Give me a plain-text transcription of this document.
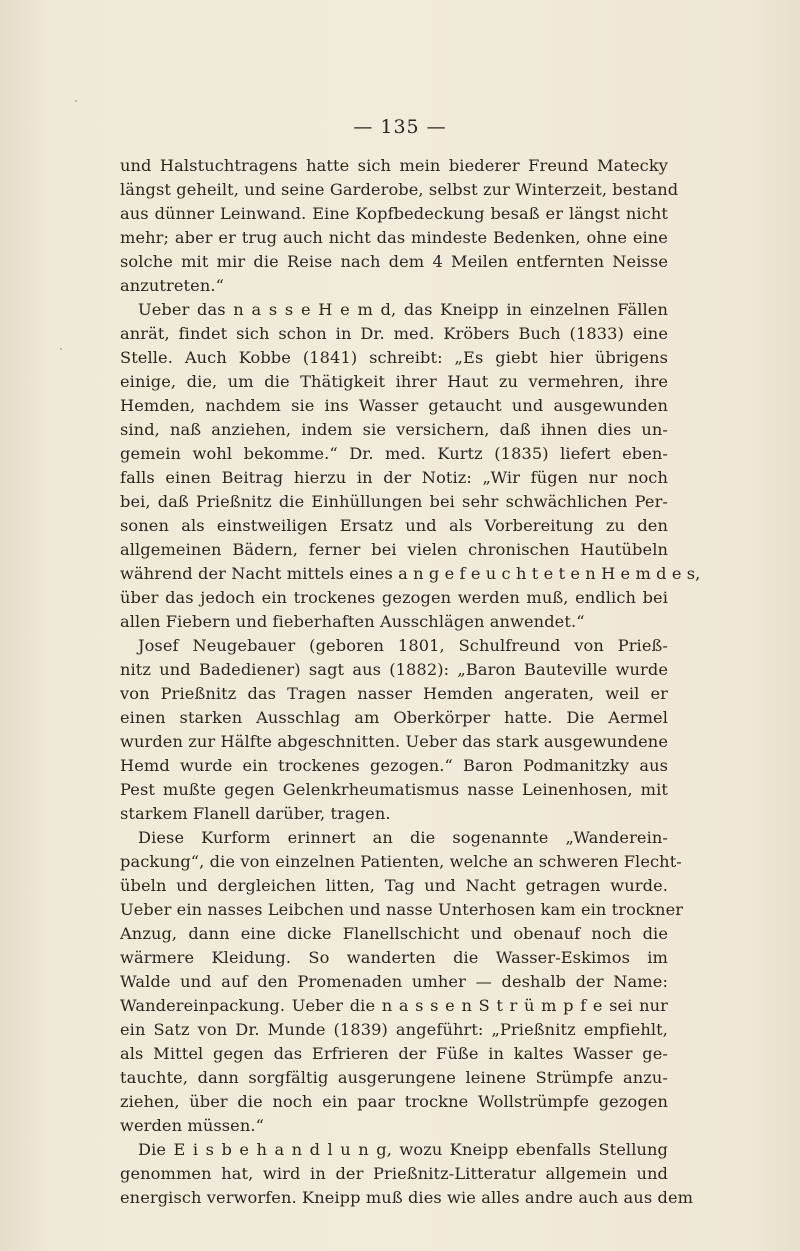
— 135 —
und Halstuchtragens hatte sich mein biederer Freund Matecky
längst geheilt, und seine Garderobe, selbst zur Winterzeit, bestand
aus dünner Leinwand. Eine Kopfbedeckung besaß er längst nicht
mehr; aber er trug auch nicht das mindeste Bedenken, ohne eine
solche mit mir die Reise nach dem 4 Meilen entfernten Neisse
anzutreten.“
Ueber das n a s s e H e m d, das Kneipp in einzelnen Fällen
anrät, findet sich schon in Dr. med. Kröbers Buch (1833) eine
Stelle. Auch Kobbe (1841) schreibt: „Es giebt hier übrigens
einige, die, um die Thätigkeit ihrer Haut zu vermehren, ihre
Hemden, nachdem sie ins Wasser getaucht und ausgewunden
sind, naß anziehen, indem sie versichern, daß ihnen dies un-
gemein wohl bekomme.“ Dr. med. Kurtz (1835) liefert eben-
falls einen Beitrag hierzu in der Notiz: „Wir fügen nur noch
bei, daß Prießnitz die Einhüllungen bei sehr schwächlichen Per-
sonen als einstweiligen Ersatz und als Vorbereitung zu den
allgemeinen Bädern, ferner bei vielen chronischen Hautübeln
während der Nacht mittels eines a n g e f e u c h t e t e n H e m d e s,
über das jedoch ein trockenes gezogen werden muß, endlich bei
allen Fiebern und fieberhaften Ausschlägen anwendet.“
Josef Neugebauer (geboren 1801, Schulfreund von Prieß-
nitz und Badediener) sagt aus (1882): „Baron Bauteville wurde
von Prießnitz das Tragen nasser Hemden angeraten, weil er
einen starken Ausschlag am Oberkörper hatte. Die Aermel
wurden zur Hälfte abgeschnitten. Ueber das stark ausgewundene
Hemd wurde ein trockenes gezogen.“ Baron Podmanitzky aus
Pest mußte gegen Gelenkrheumatismus nasse Leinenhosen, mit
starkem Flanell darüber, tragen.
Diese Kurform erinnert an die sogenannte „Wanderein-
packung“, die von einzelnen Patienten, welche an schweren Flecht-
übeln und dergleichen litten, Tag und Nacht getragen wurde.
Ueber ein nasses Leibchen und nasse Unterhosen kam ein trockner
Anzug, dann eine dicke Flanellschicht und obenauf noch die
wärmere Kleidung. So wanderten die Wasser-Eskimos im
Walde und auf den Promenaden umher — deshalb der Name:
Wandereinpackung. Ueber die n a s s e n S t r ü m p f e sei nur
ein Satz von Dr. Munde (1839) angeführt: „Prießnitz empfiehlt,
als Mittel gegen das Erfrieren der Füße in kaltes Wasser ge-
tauchte, dann sorgfältig ausgerungene leinene Strümpfe anzu-
ziehen, über die noch ein paar trockne Wollstrümpfe gezogen
werden müssen.“
Die E i s b e h a n d l u n g, wozu Kneipp ebenfalls Stellung
genommen hat, wird in der Prießnitz-Litteratur allgemein und
energisch verworfen. Kneipp muß dies wie alles andre auch aus dem
